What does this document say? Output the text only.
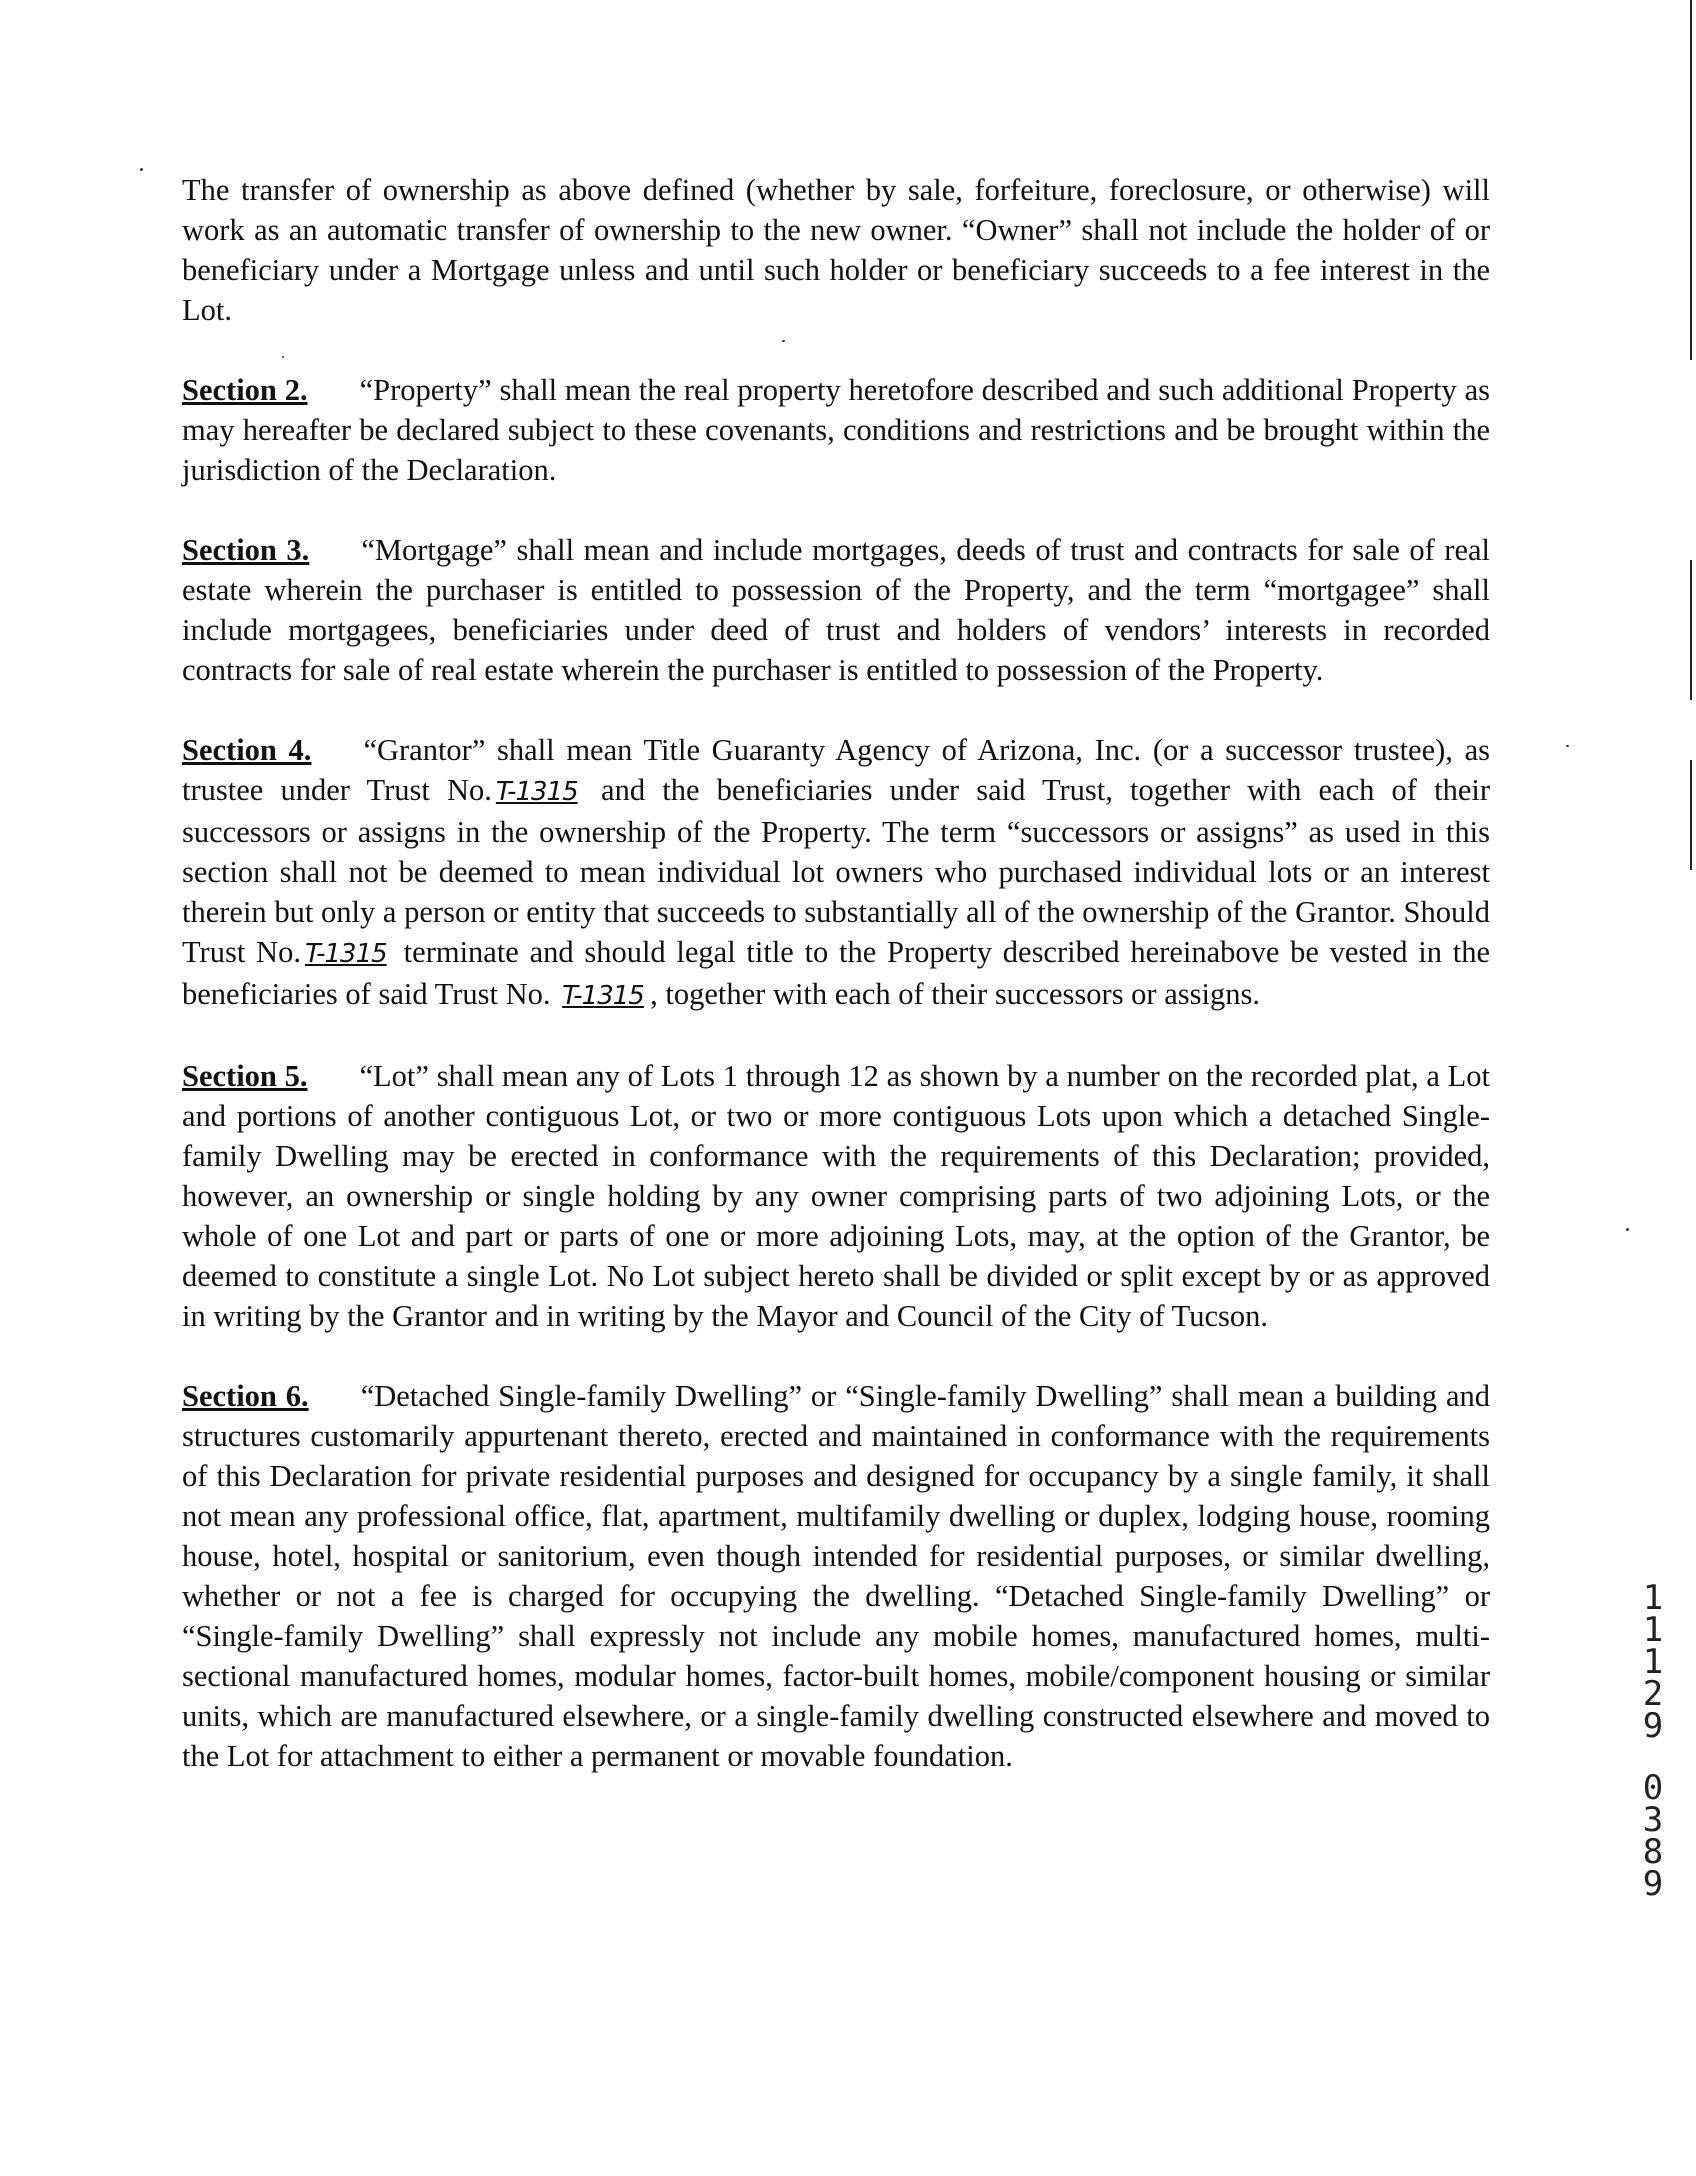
The transfer of ownership as above defined (whether by sale, forfeiture, foreclosure, or otherwise) will work as an automatic transfer of ownership to the new owner. “Owner” shall not include the holder of or beneficiary under a Mortgage unless and until such holder or beneficiary succeeds to a fee interest in the Lot.

Section 2. “Property” shall mean the real property heretofore described and such additional Property as may hereafter be declared subject to these covenants, conditions and restrictions and be brought within the jurisdiction of the Declaration.

Section 3. “Mortgage” shall mean and include mortgages, deeds of trust and contracts for sale of real estate wherein the purchaser is entitled to possession of the Property, and the term “mortgagee” shall include mortgagees, beneficiaries under deed of trust and holders of vendors’ interests in recorded contracts for sale of real estate wherein the purchaser is entitled to possession of the Property.

Section 4. “Grantor” shall mean Title Guaranty Agency of Arizona, Inc. (or a successor trustee), as trustee under Trust No. T-1315 and the beneficiaries under said Trust, together with each of their successors or assigns in the ownership of the Property. The term “successors or assigns” as used in this section shall not be deemed to mean individual lot owners who purchased individual lots or an interest therein but only a person or entity that succeeds to substantially all of the ownership of the Grantor. Should Trust No. T-1315 terminate and should legal title to the Property described hereinabove be vested in the beneficiaries of said Trust No. T-1315 , together with each of their successors or assigns.

Section 5. “Lot” shall mean any of Lots 1 through 12 as shown by a number on the recorded plat, a Lot and portions of another contiguous Lot, or two or more contiguous Lots upon which a detached Single-family Dwelling may be erected in conformance with the requirements of this Declaration; provided, however, an ownership or single holding by any owner comprising parts of two adjoining Lots, or the whole of one Lot and part or parts of one or more adjoining Lots, may, at the option of the Grantor, be deemed to constitute a single Lot. No Lot subject hereto shall be divided or split except by or as approved in writing by the Grantor and in writing by the Mayor and Council of the City of Tucson.

Section 6. “Detached Single-family Dwelling” or “Single-family Dwelling” shall mean a building and structures customarily appurtenant thereto, erected and maintained in conformance with the requirements of this Declaration for private residential purposes and designed for occupancy by a single family, it shall not mean any professional office, flat, apartment, multifamily dwelling or duplex, lodging house, rooming house, hotel, hospital or sanitorium, even though intended for residential purposes, or similar dwelling, whether or not a fee is charged for occupying the dwelling. “Detached Single-family Dwelling” or “Single-family Dwelling” shall expressly not include any mobile homes, manufactured homes, multi-sectional manufactured homes, modular homes, factor-built homes, mobile/component housing or similar units, which are manufactured elsewhere, or a single-family dwelling constructed elsewhere and moved to the Lot for attachment to either a permanent or movable foundation.

1
1
1
2
9
0
3
8
9
